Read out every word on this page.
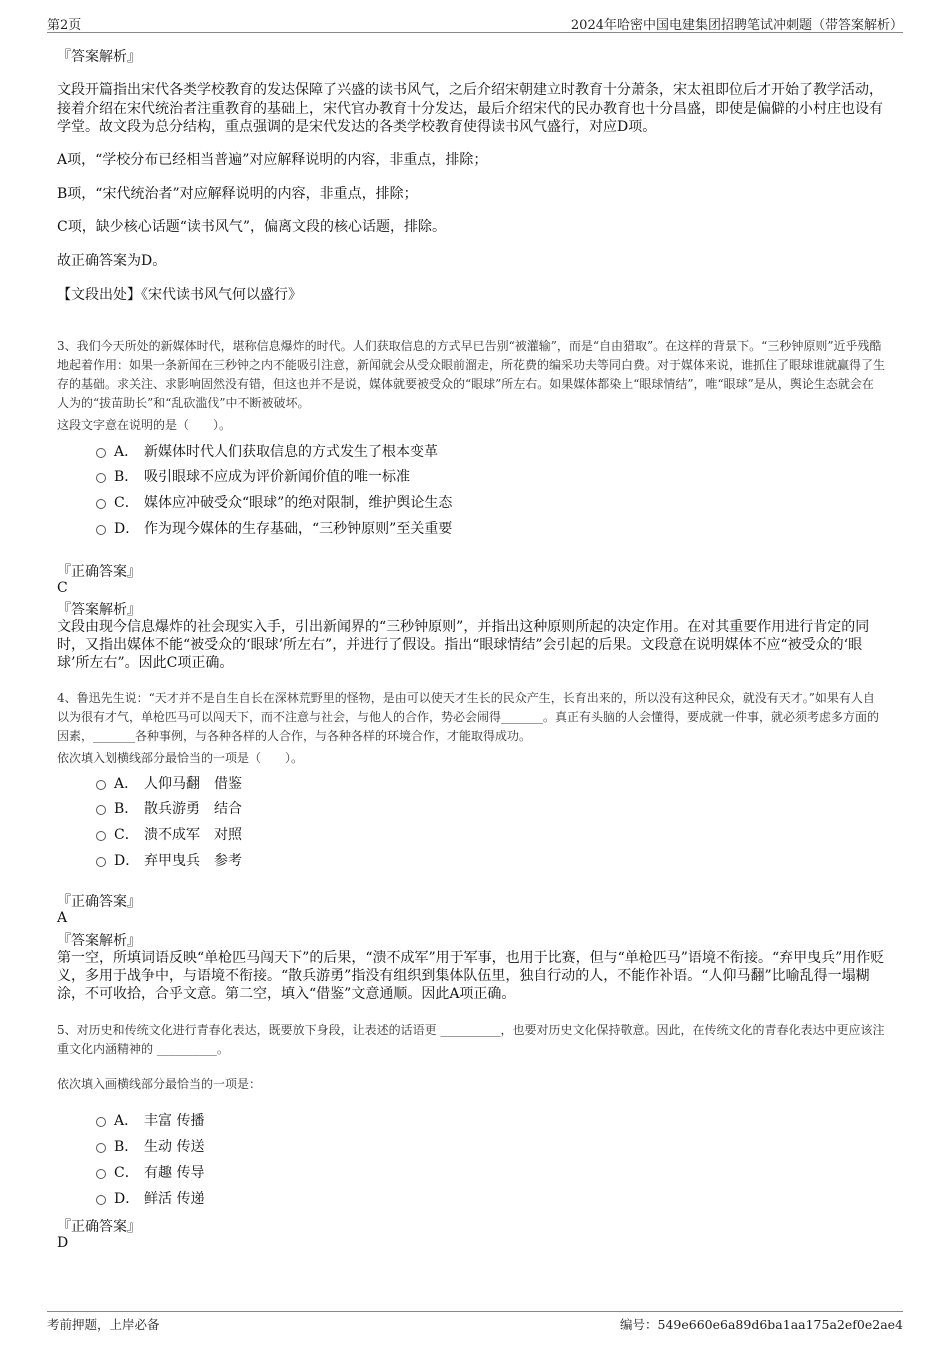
第2页	2024年哈密中国电建集团招聘笔试冲刺题（带答案解析）
『答案解析』
文段开篇指出宋代各类学校教育的发达保障了兴盛的读书风气，之后介绍宋朝建立时教育十分萧条，宋太祖即位后才开始了教学活动，接着介绍在宋代统治者注重教育的基础上，宋代官办教育十分发达，最后介绍宋代的民办教育也十分昌盛，即使是偏僻的小村庄也设有学堂。故文段为总分结构，重点强调的是宋代发达的各类学校教育使得读书风气盛行，对应D项。
A项，“学校分布已经相当普遍”对应解释说明的内容，非重点，排除；
B项，“宋代统治者”对应解释说明的内容，非重点，排除；
C项，缺少核心话题“读书风气”，偏离文段的核心话题，排除。
故正确答案为D。
【文段出处】《宋代读书风气何以盛行》
3、我们今天所处的新媒体时代，堪称信息爆炸的时代。人们获取信息的方式早已告别“被灌输”，而是“自由猎取”。在这样的背景下。“三秒钟原则”近乎残酷地起着作用：如果一条新闻在三秒钟之内不能吸引注意，新闻就会从受众眼前溜走，所花费的编采功夫等同白费。对于媒体来说，谁抓住了眼球谁就赢得了生存的基础。求关注、求影响固然没有错，但这也并不是说，媒体就要被受众的“眼球”所左右。如果媒体都染上“眼球情结”，唯“眼球”是从，舆论生态就会在人为的“拔苗助长”和“乱砍滥伐”中不断被破坏。
这段文字意在说明的是（　　）。
A． 新媒体时代人们获取信息的方式发生了根本变革
B． 吸引眼球不应成为评价新闻价值的唯一标准
C． 媒体应冲破受众“眼球”的绝对限制，维护舆论生态
D． 作为现今媒体的生存基础，“三秒钟原则”至关重要
『正确答案』
C
『答案解析』
文段由现今信息爆炸的社会现实入手，引出新闻界的“三秒钟原则”，并指出这种原则所起的决定作用。在对其重要作用进行肯定的同时，又指出媒体不能“被受众的‘眼球’所左右”，并进行了假设。指出“眼球情结”会引起的后果。文段意在说明媒体不应“被受众的‘眼球’所左右”。因此C项正确。
4、鲁迅先生说：“天才并不是自生自长在深林荒野里的怪物，是由可以使天才生长的民众产生，长育出来的，所以没有这种民众，就没有天才。”如果有人自以为很有才气，单枪匹马可以闯天下，而不注意与社会，与他人的合作，势必会闹得_______。真正有头脑的人会懂得，要成就一件事，就必须考虑多方面的因素，_______各种事例，与各种各样的人合作，与各种各样的环境合作，才能取得成功。
依次填入划横线部分最恰当的一项是（　　）。
A． 人仰马翻　借鉴
B． 散兵游勇　结合
C． 溃不成军　对照
D． 弃甲曳兵　参考
『正确答案』
A
『答案解析』
第一空，所填词语反映“单枪匹马闯天下”的后果，“溃不成军”用于军事，也用于比赛，但与“单枪匹马”语境不衔接。“弃甲曳兵”用作贬义，多用于战争中，与语境不衔接。“散兵游勇”指没有组织到集体队伍里，独自行动的人，不能作补语。“人仰马翻”比喻乱得一塌糊涂，不可收拾，合乎文意。第二空，填入“借鉴”文意通顺。因此A项正确。
5、对历史和传统文化进行青春化表达，既要放下身段，让表述的话语更 __________，也要对历史文化保持敬意。因此，在传统文化的青春化表达中更应该注重文化内涵精神的 __________。
依次填入画横线部分最恰当的一项是：
A． 丰富 传播
B． 生动 传送
C． 有趣 传导
D． 鲜活 传递
『正确答案』
D
考前押题，上岸必备	编号：549e660e6a89d6ba1aa175a2ef0e2ae4
